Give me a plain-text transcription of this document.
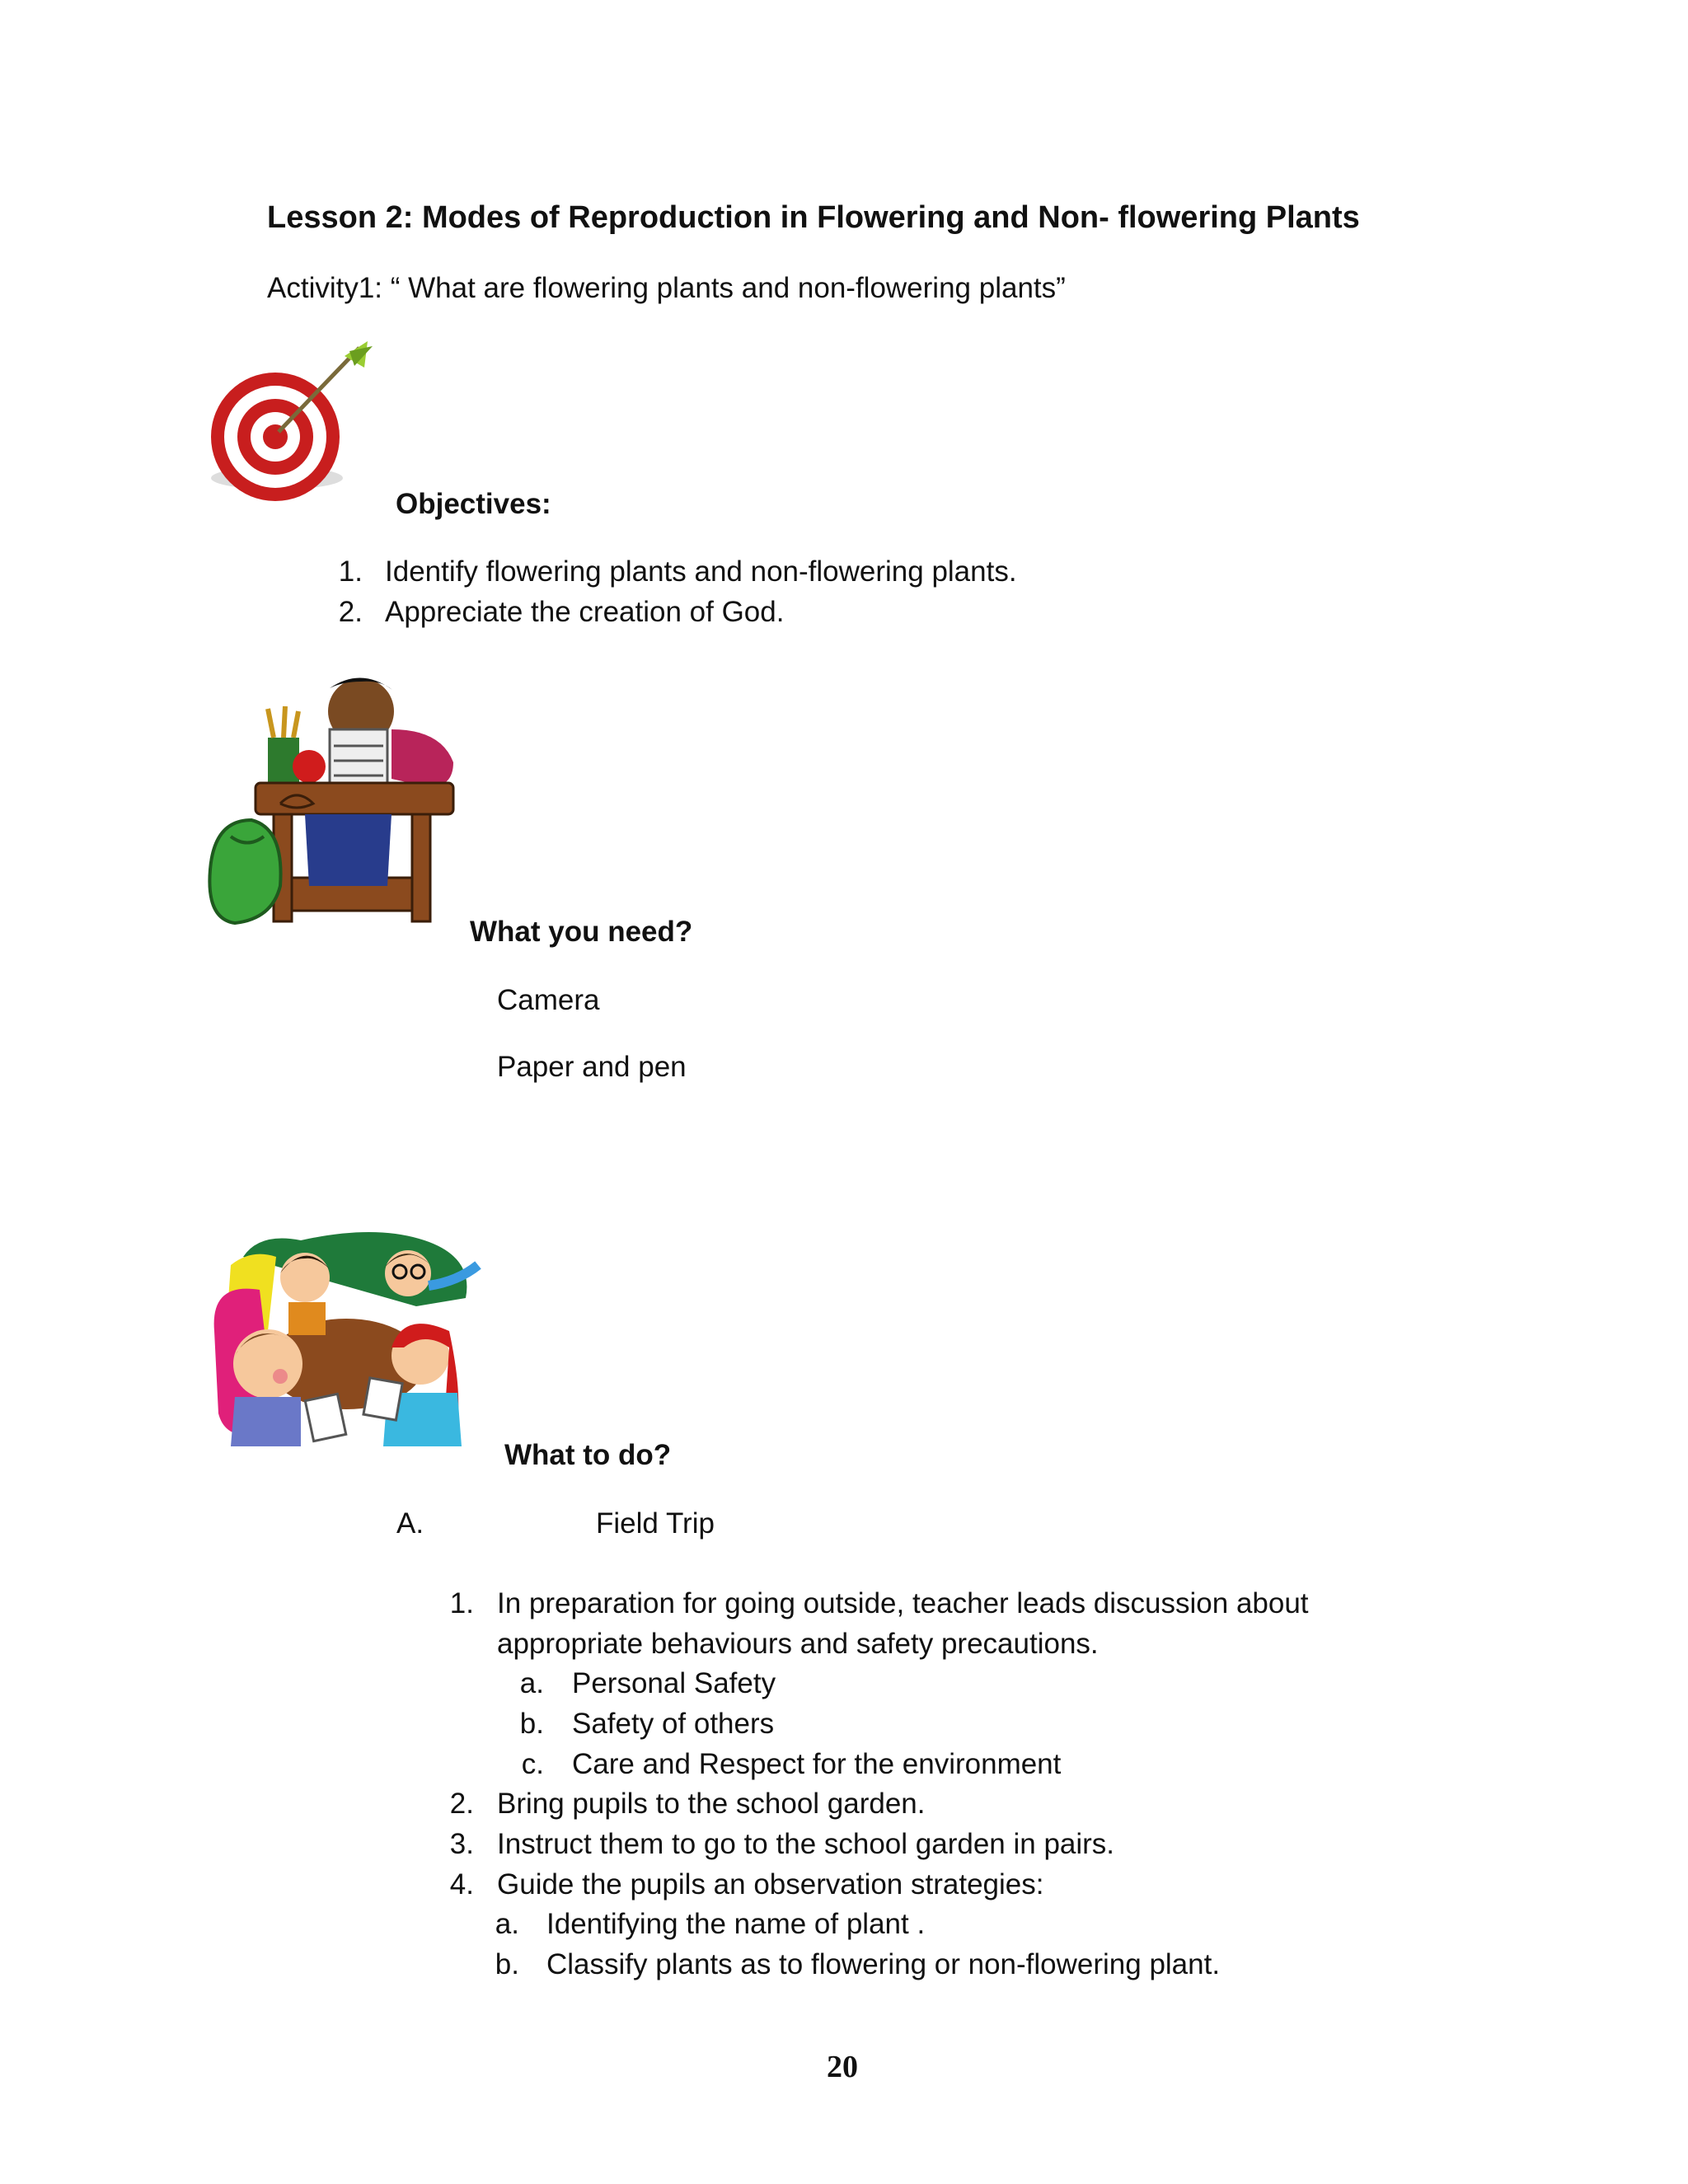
Lesson 2: Modes of Reproduction in Flowering and Non- flowering Plants
Activity1: “ What are flowering plants and non-flowering plants”
Objectives:
1. Identify flowering plants and non-flowering plants.
2. Appreciate the creation of God.
What you need?
Camera
Paper and pen
What to do?
A.	Field Trip
1. In preparation for going outside, teacher leads discussion about
appropriate behaviours and safety precautions.
a. Personal Safety
b. Safety of others
c. Care and Respect for the environment
2. Bring pupils to the school garden.
3. Instruct them to go to the school garden in pairs.
4. Guide the pupils an observation strategies:
a. Identifying the name of plant .
b. Classify plants as to flowering or non-flowering plant.
20
